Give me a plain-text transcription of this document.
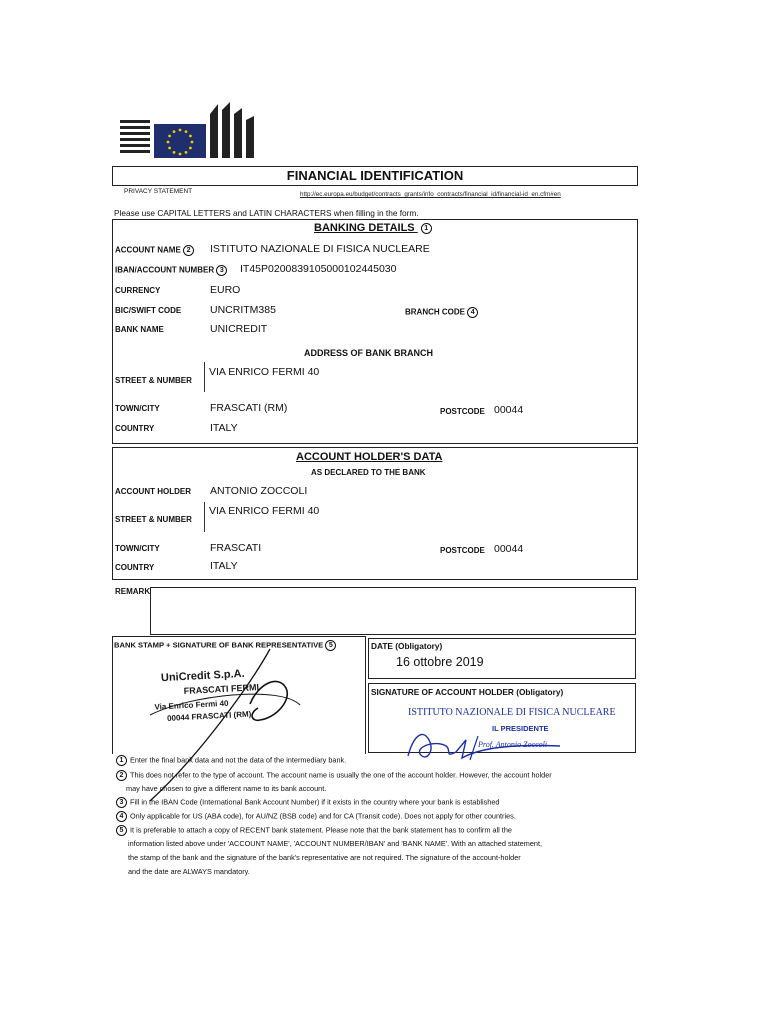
FINANCIAL IDENTIFICATION
PRIVACY STATEMENT	http://ec.europa.eu/budget/contracts_grants/info_contracts/financial_id/financial-id_en.cfm#en
Please use CAPITAL LETTERS and LATIN CHARACTERS when filling in the form.
BANKING DETAILS 1
ACCOUNT NAME 2	ISTITUTO NAZIONALE DI FISICA NUCLEARE
IBAN/ACCOUNT NUMBER 3	IT45P0200839105000102445030
CURRENCY	EURO
BIC/SWIFT CODE	UNCRITM385	BRANCH CODE 4
BANK NAME	UNICREDIT
ADDRESS OF BANK BRANCH
STREET & NUMBER
VIA ENRICO FERMI 40
TOWN/CITY	FRASCATI (RM)	POSTCODE 00044
COUNTRY	ITALY
ACCOUNT HOLDER'S DATA
AS DECLARED TO THE BANK
ACCOUNT HOLDER ANTONIO ZOCCOLI
STREET & NUMBER
VIA ENRICO FERMI 40
TOWN/CITY	FRASCATI	POSTCODE 00044
COUNTRY	ITALY
REMARK
BANK STAMP + SIGNATURE OF BANK REPRESENTATIVE 5
UniCredit S.p.A.
FRASCATI FERMI
Via Enrico Fermi 40
00044 FRASCATI (RM)
DATE (Obligatory)
16 ottobre 2019
SIGNATURE OF ACCOUNT HOLDER (Obligatory)
ISTITUTO NAZIONALE DI FISICA NUCLEARE
IL PRESIDENTE
Prof. Antonio Zoccoli
1 Enter the final bank data and not the data of the intermediary bank.
2 This does not refer to the type of account. The account name is usually the one of the account holder. However, the account holder
may have chosen to give a different name to its bank account.
3 Fill in the IBAN Code (International Bank Account Number) if it exists in the country where your bank is established
4 Only applicable for US (ABA code), for AU/NZ (BSB code) and for CA (Transit code). Does not apply for other countries.
5 It is preferable to attach a copy of RECENT bank statement. Please note that the bank statement has to confirm all the
information listed above under 'ACCOUNT NAME', 'ACCOUNT NUMBER/IBAN' and 'BANK NAME'. With an attached statement,
the stamp of the bank and the signature of the bank's representative are not required. The signature of the account-holder
and the date are ALWAYS mandatory.
